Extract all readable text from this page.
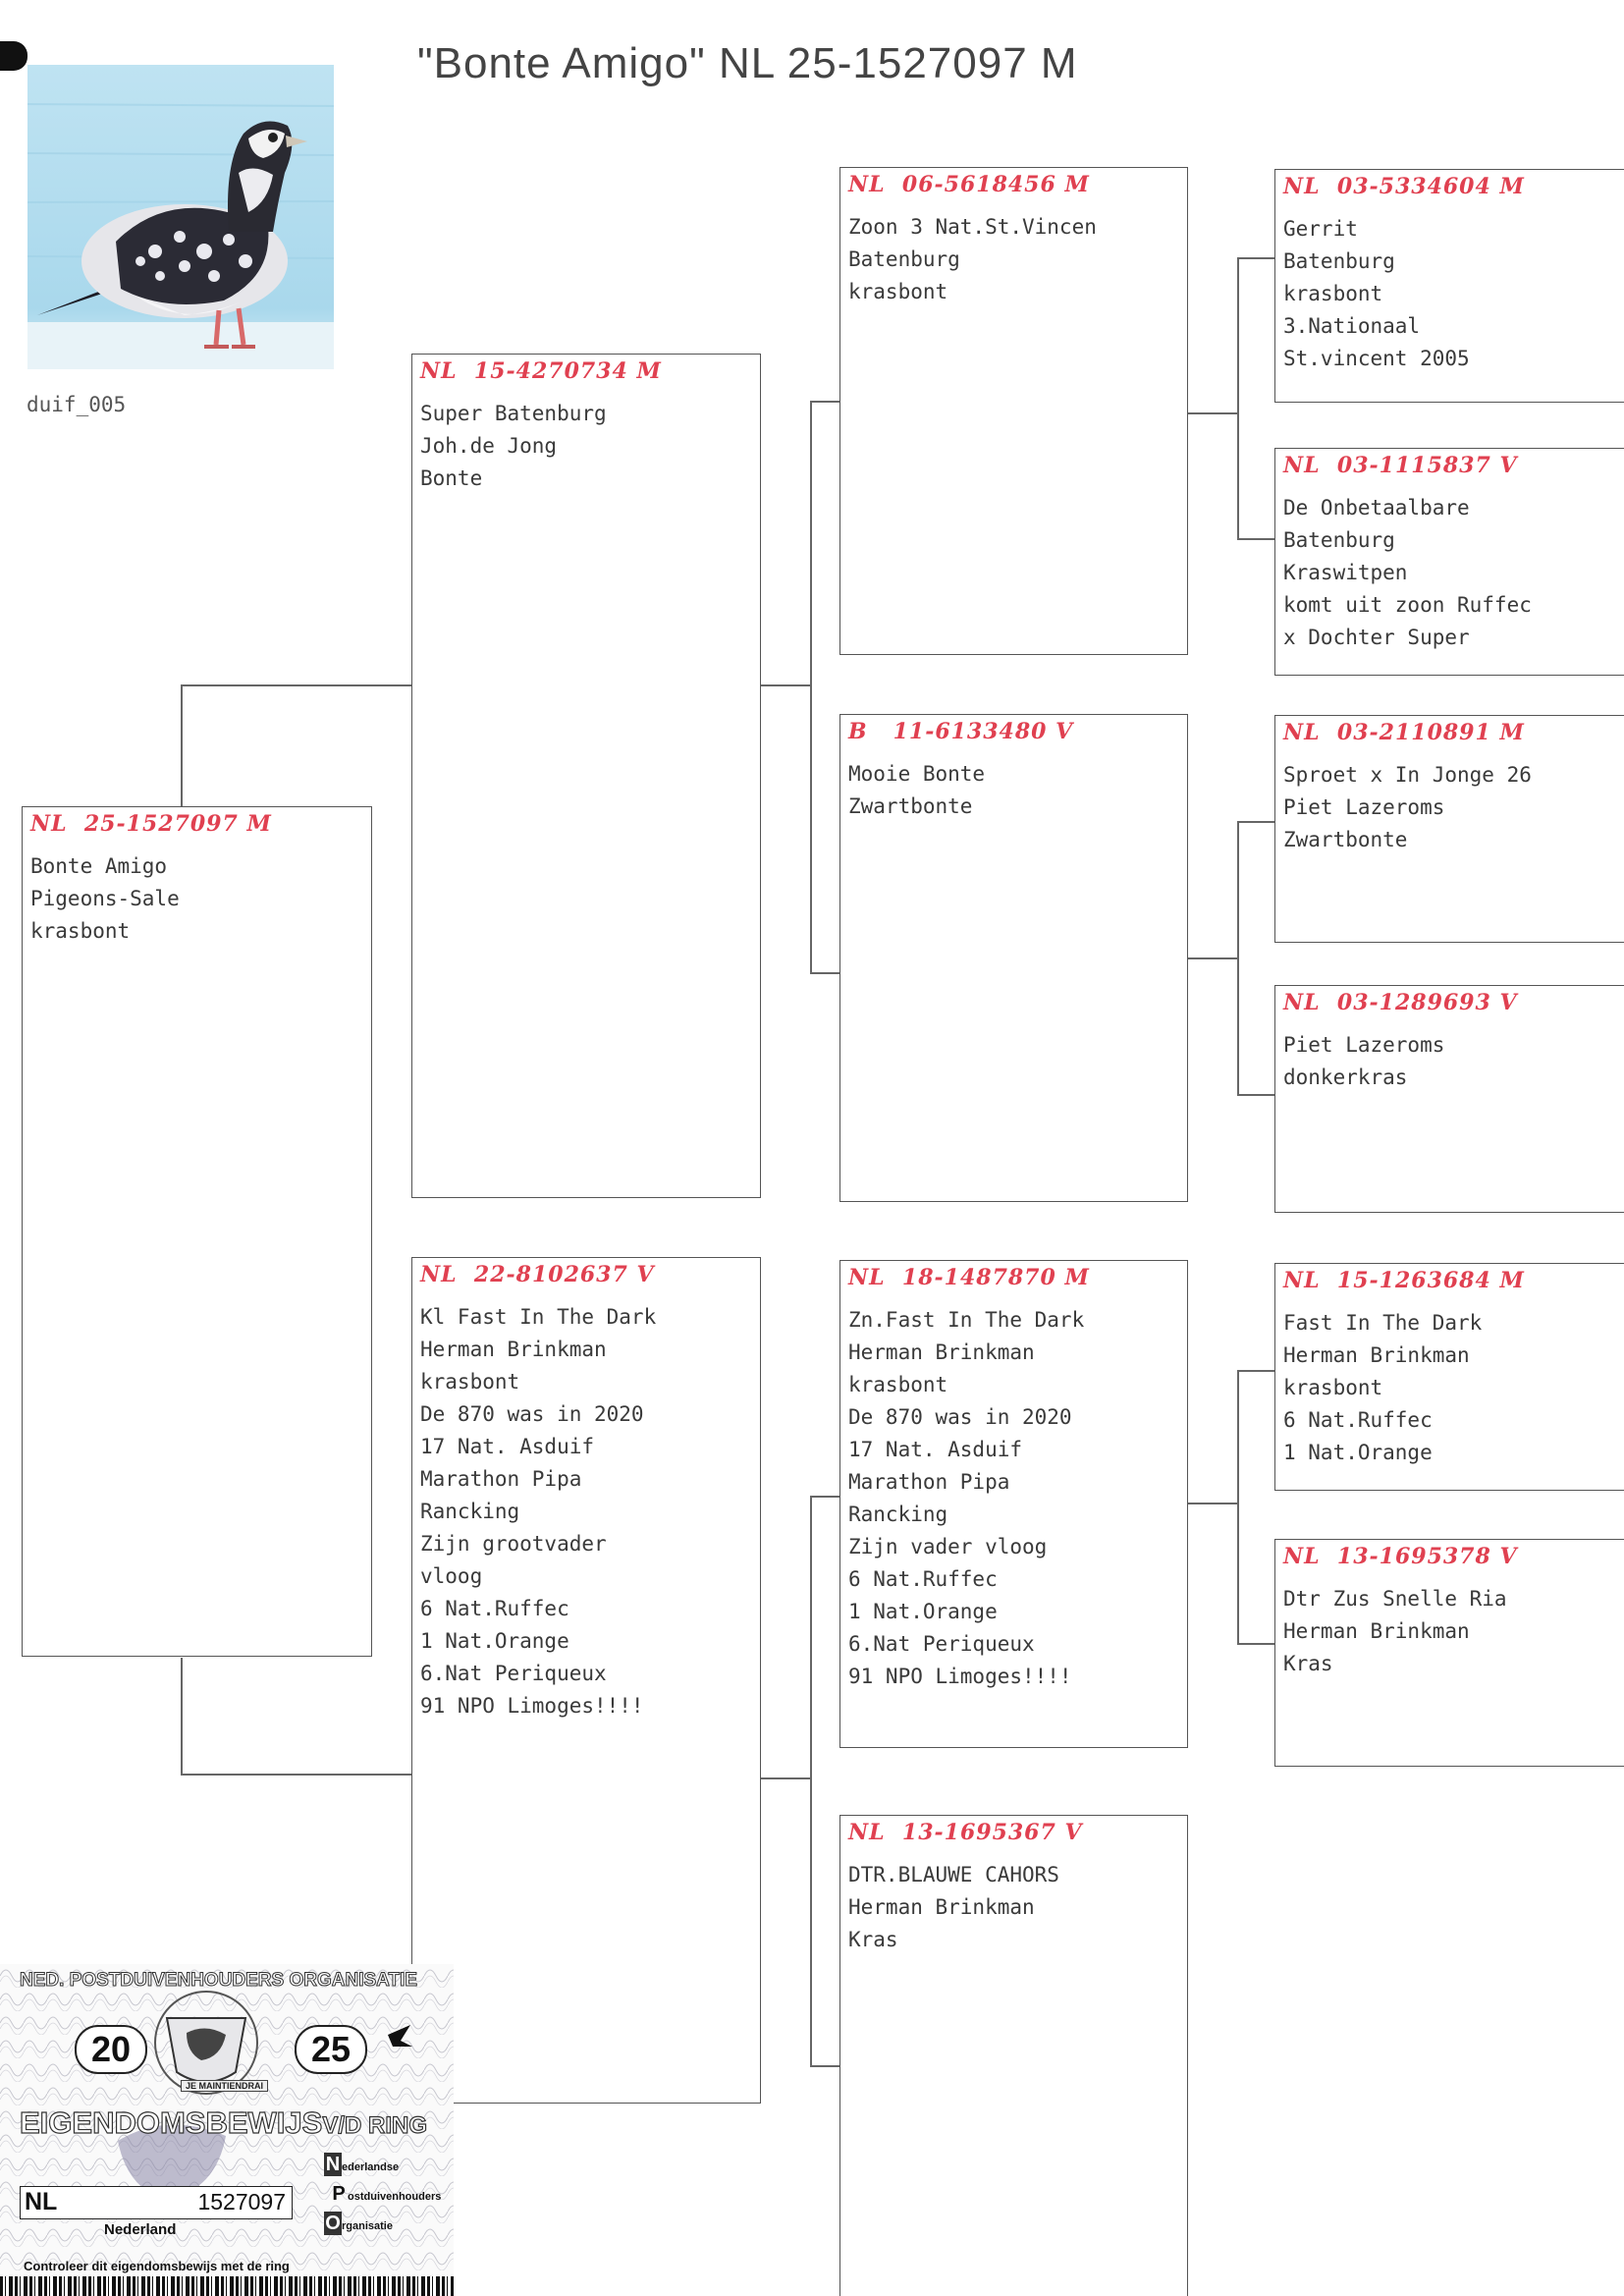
"Bonte Amigo" NL 25-1527097 M
duif_005
NL  25-1527097 M
Bonte Amigo
Pigeons-Sale
krasbont
NL  15-4270734 M
Super Batenburg
Joh.de Jong
Bonte
NL  22-8102637 V
Kl Fast In The Dark
Herman Brinkman
krasbont
De 870 was in 2020
17 Nat. Asduif
Marathon Pipa
Rancking
Zijn grootvader
vloog
6 Nat.Ruffec
1 Nat.Orange
6.Nat Periqueux
91 NPO Limoges!!!!
NL  06-5618456 M
Zoon 3 Nat.St.Vincen
Batenburg
krasbont
B   11-6133480 V
Mooie Bonte
Zwartbonte
NL  18-1487870 M
Zn.Fast In The Dark
Herman Brinkman
krasbont
De 870 was in 2020
17 Nat. Asduif
Marathon Pipa
Rancking
Zijn vader vloog
6 Nat.Ruffec
1 Nat.Orange
6.Nat Periqueux
91 NPO Limoges!!!!
NL  13-1695367 V
DTR.BLAUWE CAHORS
Herman Brinkman
Kras
NL  03-5334604 M
Gerrit
Batenburg
krasbont
3.Nationaal
St.vincent 2005
NL  03-1115837 V
De Onbetaalbare
Batenburg
Kraswitpen
komt uit zoon Ruffec
x Dochter Super
NL  03-2110891 M
Sproet x In Jonge 26
Piet Lazeroms
Zwartbonte
NL  03-1289693 V
Piet Lazeroms
donkerkras
NL  15-1263684 M
Fast In The Dark
Herman Brinkman
krasbont
6 Nat.Ruffec
1 Nat.Orange
NL  13-1695378 V
Dtr Zus Snelle Ria
Herman Brinkman
Kras
NED. POSTDUIVENHOUDERS ORGANISATIE
20	25
JE MAINTIENDRAI
EIGENDOMSBEWIJSV/D RING
NL	1527097
Nederland
N ederlandse
Postduivenhouders
Organisatie
Controleer dit eigendomsbewijs met de ring
